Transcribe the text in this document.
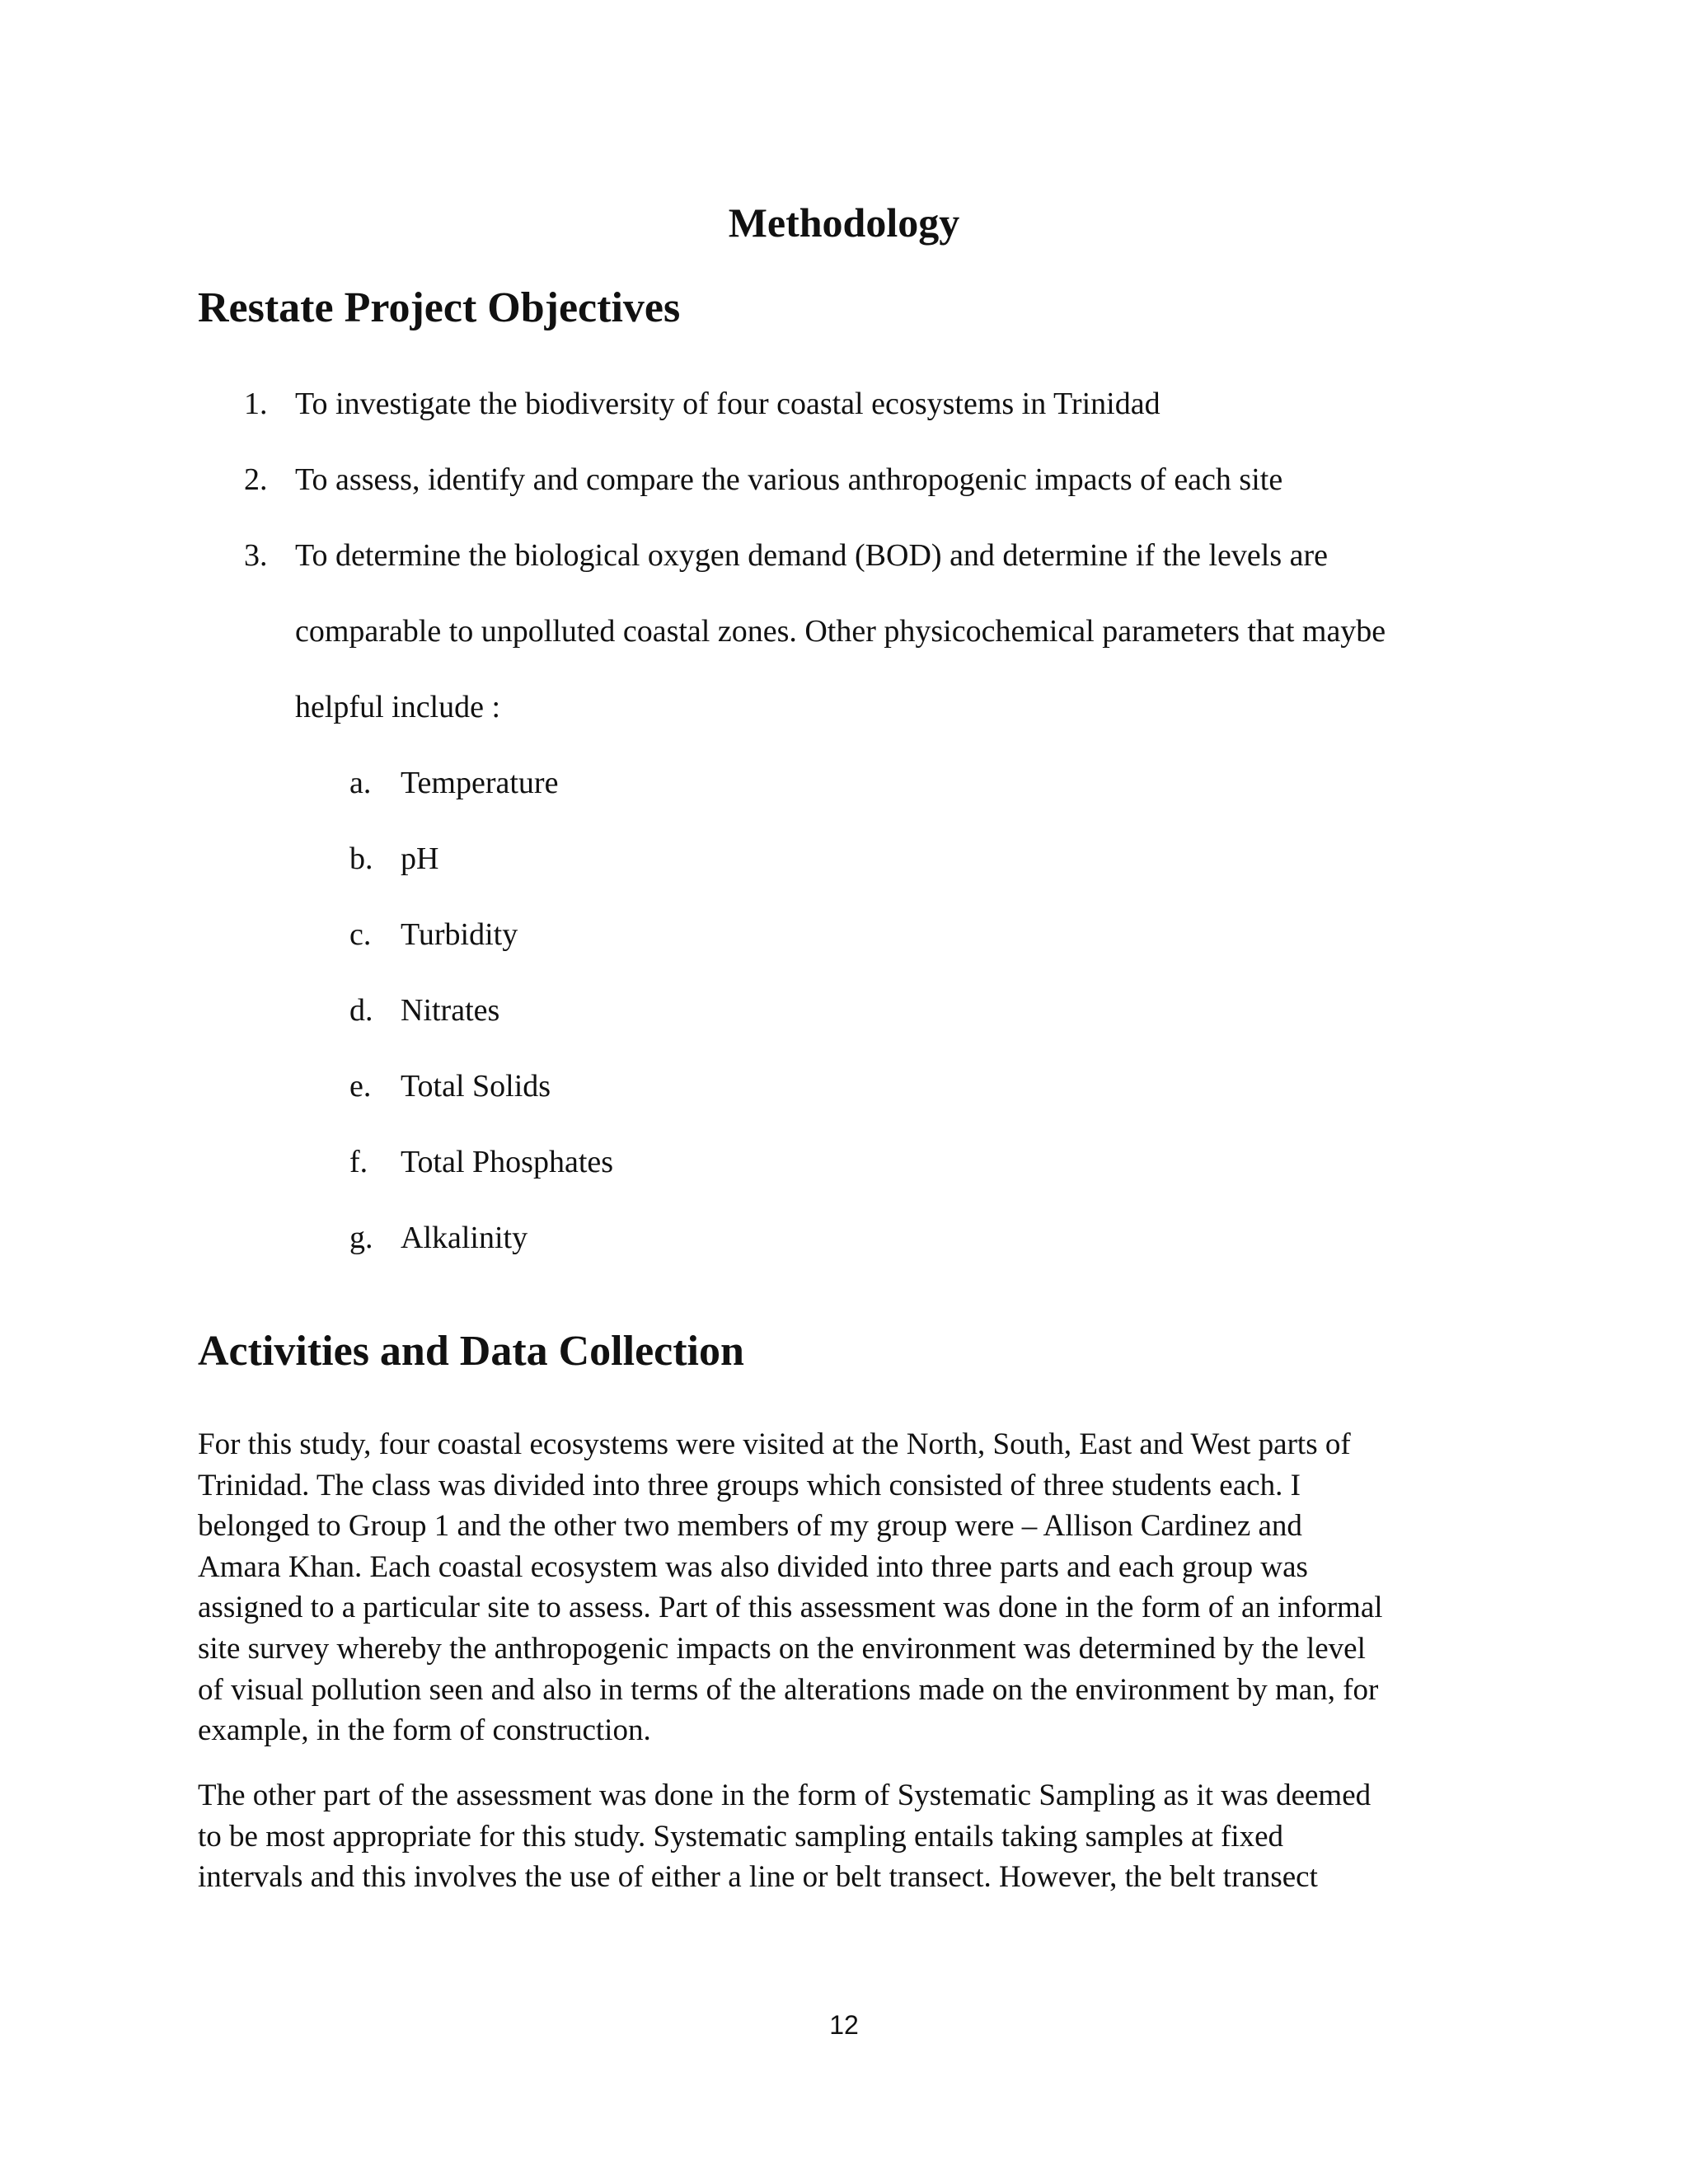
Methodology
Restate Project Objectives
1. To investigate the biodiversity of four coastal ecosystems in Trinidad
2. To assess, identify and compare the various anthropogenic impacts of each site
3. To determine the biological oxygen demand (BOD) and determine if the levels are
comparable to unpolluted coastal zones. Other physicochemical parameters that maybe
helpful include :
a. Temperature
b. pH
c. Turbidity
d. Nitrates
e. Total Solids
f. Total Phosphates
g. Alkalinity
Activities and Data Collection
For this study, four coastal ecosystems were visited at the North, South, East and West parts of
Trinidad. The class was divided into three groups which consisted of three students each. I
belonged to Group 1 and the other two members of my group were – Allison Cardinez and
Amara Khan. Each coastal ecosystem was also divided into three parts and each group was
assigned to a particular site to assess. Part of this assessment was done in the form of an informal
site survey whereby the anthropogenic impacts on the environment was determined by the level
of visual pollution seen and also in terms of the alterations made on the environment by man, for
example, in the form of construction.
The other part of the assessment was done in the form of Systematic Sampling as it was deemed
to be most appropriate for this study. Systematic sampling entails taking samples at fixed
intervals and this involves the use of either a line or belt transect. However, the belt transect
12
